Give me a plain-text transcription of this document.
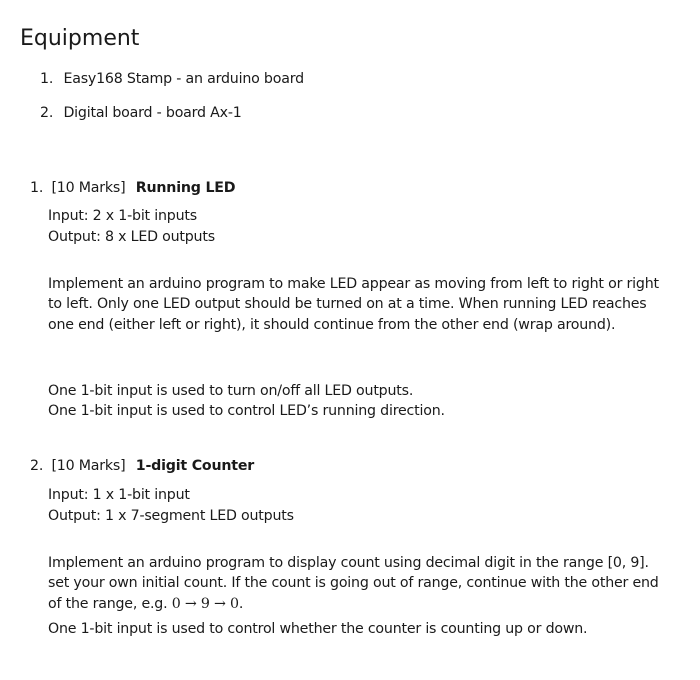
Equipment
1. Easy168 Stamp - an arduino board
2. Digital board - board Ax-1
1. [10 Marks] Running LED
Input: 2 x 1-bit inputs
Output: 8 x LED outputs
Implement an arduino program to make LED appear as moving from left to right or right to left. Only one LED output should be turned on at a time. When running LED reaches one end (either left or right), it should continue from the other end (wrap around).
One 1-bit input is used to turn on/off all LED outputs.
One 1-bit input is used to control LED’s running direction.
2. [10 Marks] 1-digit Counter
Input: 1 x 1-bit input
Output: 1 x 7-segment LED outputs
Implement an arduino program to display count using decimal digit in the range [0, 9]. set your own initial count. If the count is going out of range, continue with the other end of the range, e.g. 0 → 9 → 0.
One 1-bit input is used to control whether the counter is counting up or down.
